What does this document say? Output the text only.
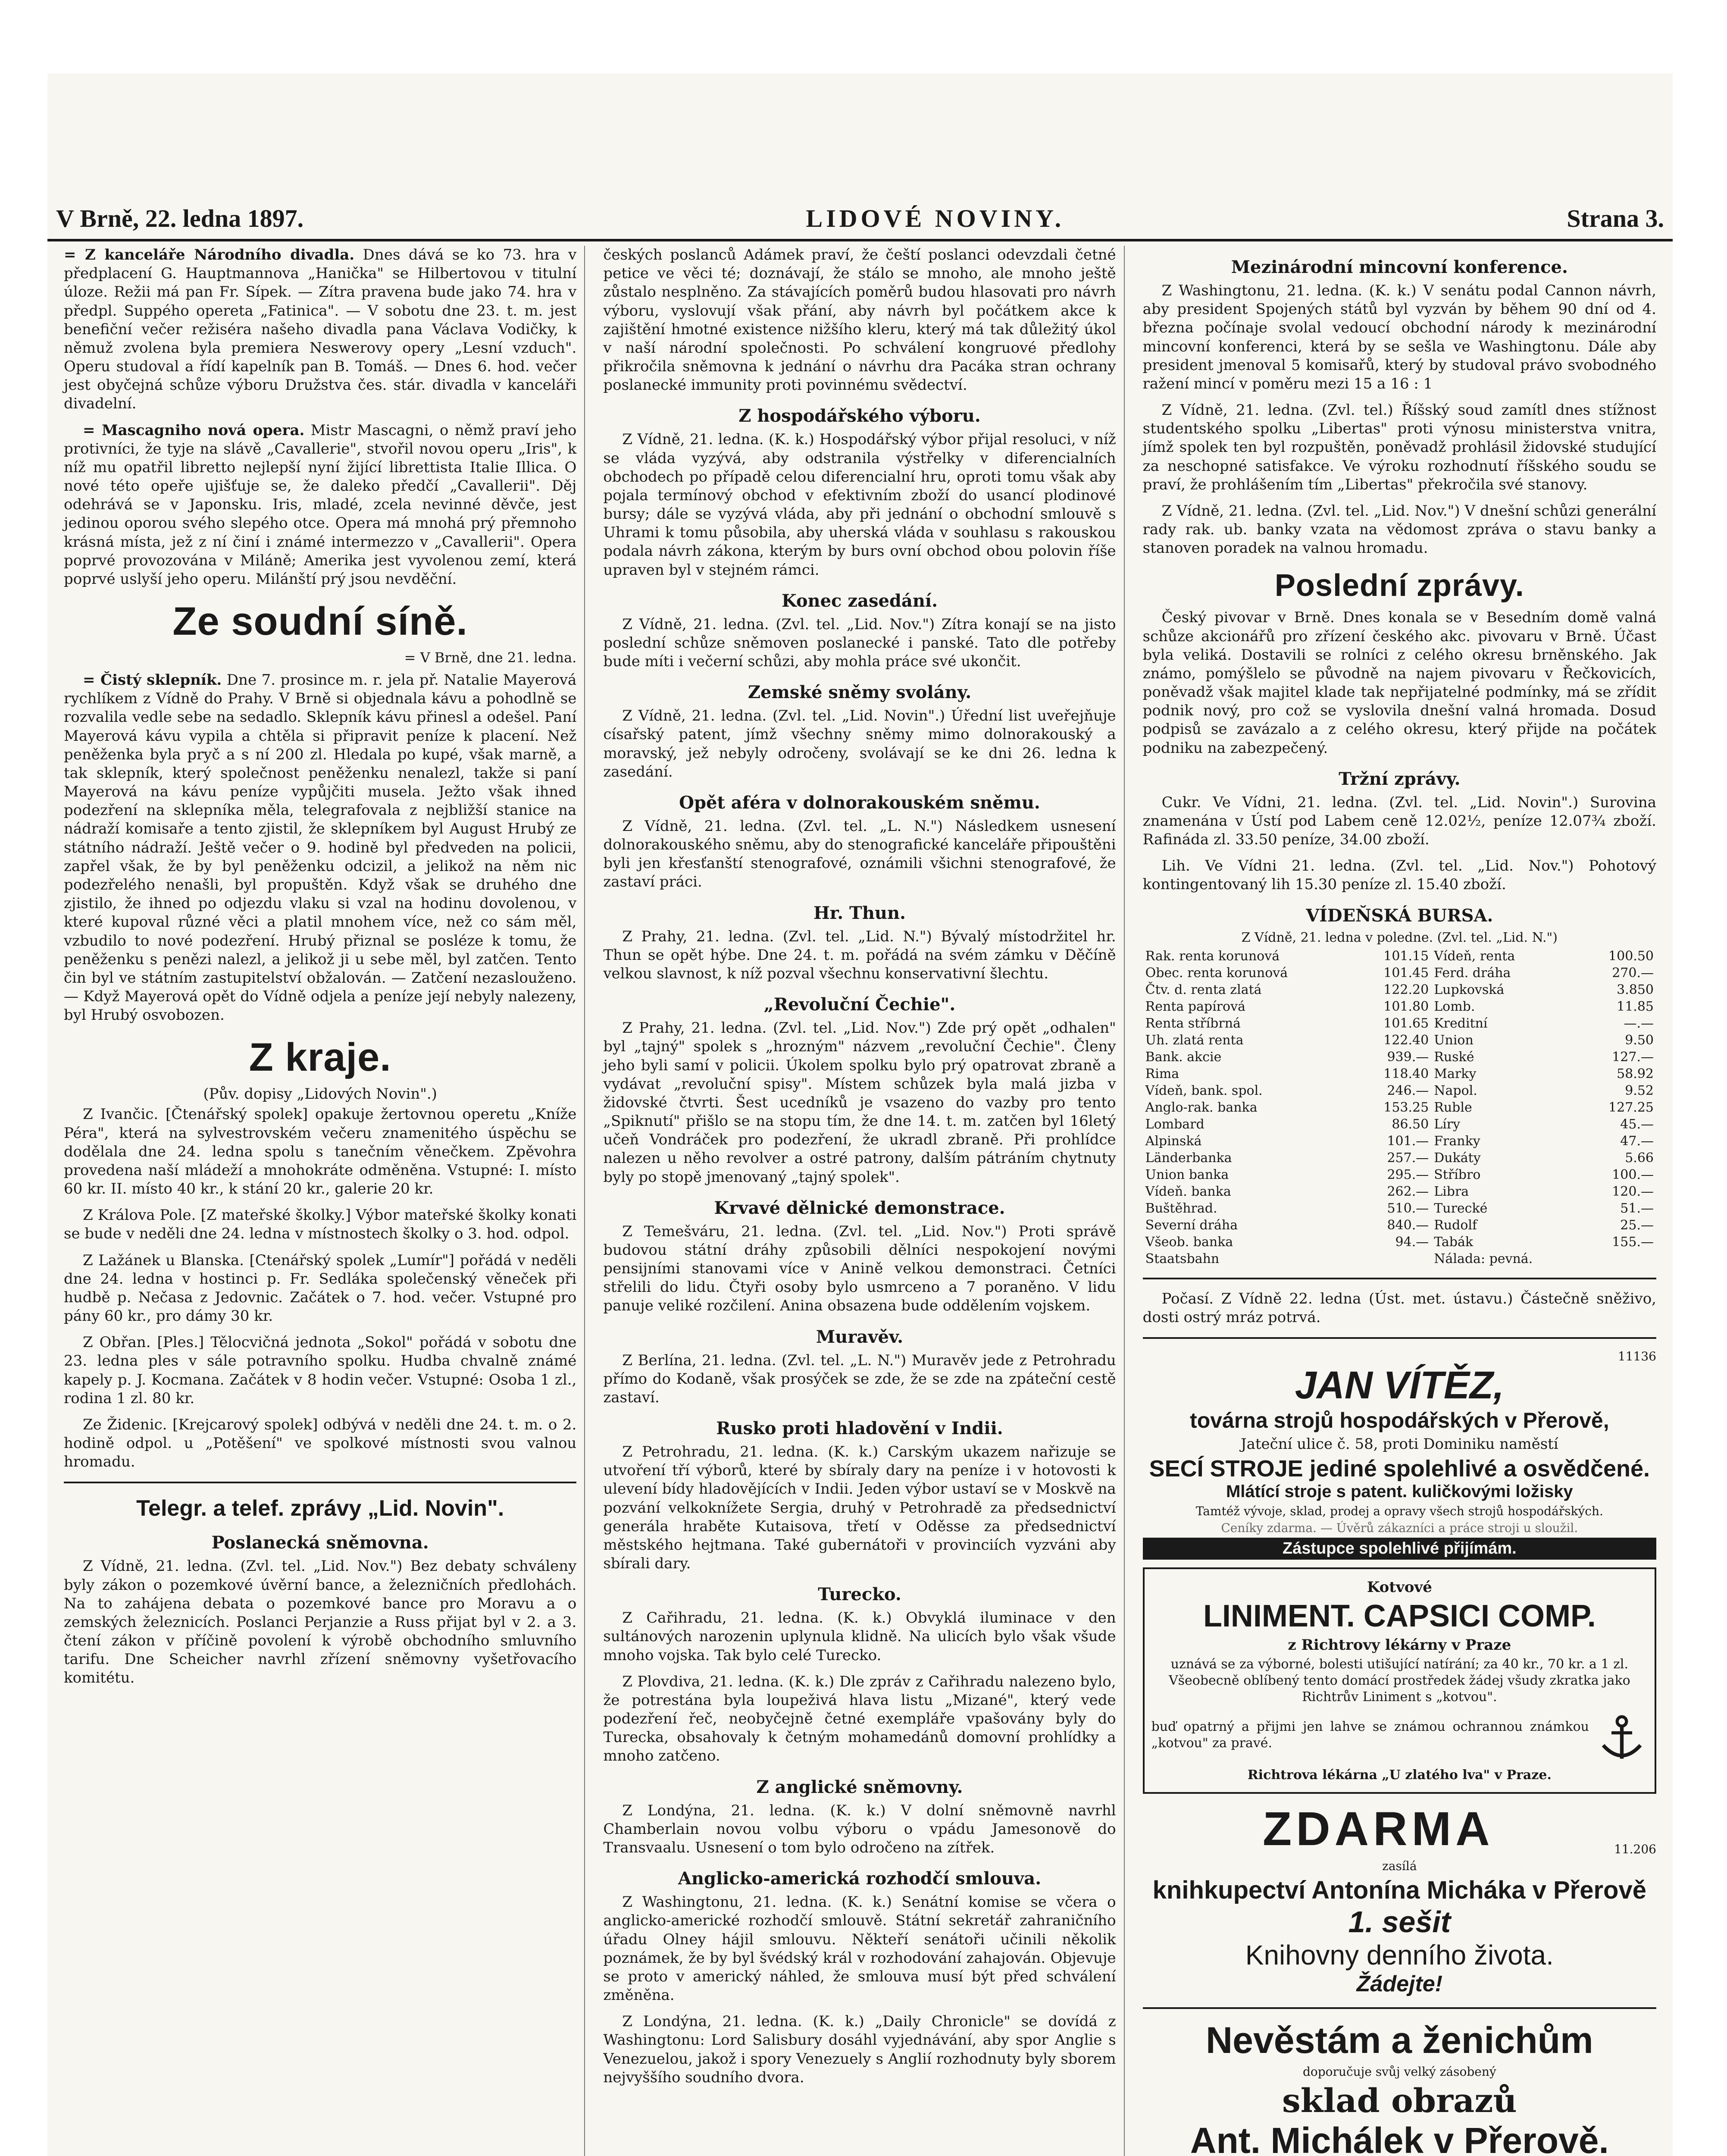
V Brně, 22. ledna 1897.	LIDOVÉ NOVINY.	Strana 3.

= Z kanceláře Národního divadla. Dnes dává se ko 73. hra v předplacení G. Hauptmannova „Hanička" se Hilbertovou v titulní úloze. Režii má pan Fr. Sípek. — Zítra pravena bude jako 74. hra v předpl. Suppého opereta „Fatinica". — V sobotu dne 23. t. m. jest benefiční večer režiséra našeho divadla pana Václava Vodičky, k němuž zvolena byla premiera Neswerovy opery „Lesní vzduch". Operu studoval a řídí kapelník pan B. Tomáš. — Dnes 6. hod. večer jest obyčejná schůze výboru Družstva čes. stár. divadla v kanceláři divadelní.

= Mascagniho nová opera. Mistr Mascagni, o němž praví jeho protivníci, že tyje na slávě „Cavallerie", stvořil novou operu „Iris", k níž mu opatřil libretto nejlepší nyní žijící librettista Italie Illica. O nové této opeře ujišťuje se, že daleko předčí „Cavallerii". Děj odehrává se v Japonsku. Iris, mladé, zcela nevinné děvče, jest jedinou oporou svého slepého otce. Opera má mnohá prý přemnoho krásná místa, jež z ní činí i známé intermezzo v „Cavallerii". Opera poprvé provozována v Miláně; Amerika jest vyvolenou zemí, která poprvé uslyší jeho operu. Milánští prý jsou nevděční.

Ze soudní síně.
= V Brně, dne 21. ledna.

= Čistý sklepník. Dne 7. prosince m. r. jela př. Natalie Mayerová rychlíkem z Vídně do Prahy. V Brně si objednala kávu a pohodlně se rozvalila vedle sebe na sedadlo. Sklepník kávu přinesl a odešel. Paní Mayerová kávu vypila a chtěla si připravit peníze k placení. Než peněženka byla pryč a s ní 200 zl. Hledala po kupé, však marně, a tak sklepník, který společnost peněženku nenalezl, takže si paní Mayerová na kávu peníze vypůjčiti musela. Ježto však ihned podezření na sklepníka měla, telegrafovala z nejbližší stanice na nádraží komisaře a tento zjistil, že sklepníkem byl August Hrubý ze státního nádraží. Ještě večer o 9. hodině byl předveden na policii, zapřel však, že by byl peněženku odcizil, a jelikož na něm nic podezřelého nenašli, byl propuštěn. Když však se druhého dne zjistilo, že ihned po odjezdu vlaku si vzal na hodinu dovolenou, v které kupoval různé věci a platil mnohem více, než co sám měl, vzbudilo to nové podezření. Hrubý přiznal se posléze k tomu, že peněženku s penězi nalezl, a jelikož ji u sebe měl, byl zatčen. Tento čin byl ve státním zastupitelství obžalován. — Zatčení nezaslouženo. — Když Mayerová opět do Vídně odjela a peníze její nebyly nalezeny, byl Hrubý osvobozen.

Z kraje.
(Pův. dopisy „Lidových Novin".)

Z Ivančic. [Čtenářský spolek] opakuje žertovnou operetu „Kníže Péra", která na sylvestrovském večeru znamenitého úspěchu se dodělala dne 24. ledna spolu s tanečním věnečkem. Zpěvohra provedena naší mládeží a mnohokráte odměněna. Vstupné: I. místo 60 kr. II. místo 40 kr., k stání 20 kr., galerie 20 kr.

Z Králova Pole. [Z mateřské školky.] Výbor mateřské školky konati se bude v neděli dne 24. ledna v místnostech školky o 3. hod. odpol.

Z Lažánek u Blanska. [Ctenářský spolek „Lumír"] pořádá v neděli dne 24. ledna v hostinci p. Fr. Sedláka společenský věneček při hudbě p. Nečasa z Jedovnic. Začátek o 7. hod. večer. Vstupné pro pány 60 kr., pro dámy 30 kr.

Z Obřan. [Ples.] Tělocvičná jednota „Sokol" pořádá v sobotu dne 23. ledna ples v sále potravního spolku. Hudba chvalně známé kapely p. J. Kocmana. Začátek v 8 hodin večer. Vstupné: Osoba 1 zl., rodina 1 zl. 80 kr.

Ze Židenic. [Krejcarový spolek] odbývá v neděli dne 24. t. m. o 2. hodině odpol. u „Potěšení" ve spolkové místnosti svou valnou hromadu.

Telegr. a telef. zprávy „Lid. Novin".
Poslanecká sněmovna.

Z Vídně, 21. ledna. (Zvl. tel. „Lid. Nov.") Bez debaty schváleny byly zákon o pozemkové úvěrní bance, a železničních předlohách. Na to zahájena debata o pozemkové bance pro Moravu a o zemských železnicích. Poslanci Perjanzie a Russ přijat byl v 2. a 3. čtení zákon v příčině povolení k výrobě obchodního smluvního tarifu. Dne Scheicher navrhl zřízení sněmovny vyšetřovacího komitétu.

českých poslanců Adámek praví, že čeští poslanci odevzdali četné petice ve věci té; doznávají, že stálo se mnoho, ale mnoho ještě zůstalo nesplněno. Za stávajících poměrů budou hlasovati pro návrh výboru, vyslovují však přání, aby návrh byl počátkem akce k zajištění hmotné existence nižšího kleru, který má tak důležitý úkol v naší národní společnosti. Po schválení kongruové předlohy přikročila sněmovna k jednání o návrhu dra Pacáka stran ochrany poslanecké immunity proti povinnému svědectví.

Z hospodářského výboru.

Z Vídně, 21. ledna. (K. k.) Hospodářský výbor přijal resoluci, v níž se vláda vyzývá, aby odstranila výstřelky v diferencialních obchodech po případě celou diferencialní hru, oproti tomu však aby pojala termínový obchod v efektivním zboží do usancí plodinové bursy; dále se vyzývá vláda, aby při jednání o obchodní smlouvě s Uhrami k tomu působila, aby uherská vláda v souhlasu s rakouskou podala návrh zákona, kterým by burs ovní obchod obou polovin říše upraven byl v stejném rámci.

Konec zasedání.

Z Vídně, 21. ledna. (Zvl. tel. „Lid. Nov.") Zítra konají se na jisto poslední schůze sněmoven poslanecké i panské. Tato dle potřeby bude míti i večerní schůzi, aby mohla práce své ukončit.

Zemské sněmy svolány.

Z Vídně, 21. ledna. (Zvl. tel. „Lid. Novin".) Úřední list uveřejňuje císařský patent, jímž všechny sněmy mimo dolnorakouský a moravský, jež nebyly odročeny, svolávají se ke dni 26. ledna k zasedání.

Opět aféra v dolnorakouském sněmu.

Z Vídně, 21. ledna. (Zvl. tel. „L. N.") Následkem usnesení dolnorakouského sněmu, aby do stenografické kanceláře připouštěni byli jen křesťanští stenografové, oznámili všichni stenografové, že zastaví práci.

Hr. Thun.

Z Prahy, 21. ledna. (Zvl. tel. „Lid. N.") Bývalý místodržitel hr. Thun se opět hýbe. Dne 24. t. m. pořádá na svém zámku v Děčíně velkou slavnost, k níž pozval všechnu konservativní šlechtu.

„Revoluční Čechie".

Z Prahy, 21. ledna. (Zvl. tel. „Lid. Nov.") Zde prý opět „odhalen" byl „tajný" spolek s „hrozným" názvem „revoluční Čechie". Členy jeho byli samí v policii. Úkolem spolku bylo prý opatrovat zbraně a vydávat „revoluční spisy". Místem schůzek byla malá jizba v židovské čtvrti. Šest ucedníků je vsazeno do vazby pro tento „Spiknutí" přišlo se na stopu tím, že dne 14. t. m. zatčen byl 16letý učeň Vondráček pro podezření, že ukradl zbraně. Při prohlídce nalezen u něho revolver a ostré patrony, dalším pátráním chytnuty byly po stopě jmenovaný „tajný spolek".

Krvavé dělnické demonstrace.

Z Temešváru, 21. ledna. (Zvl. tel. „Lid. Nov.") Proti správě budovou státní dráhy způsobili dělníci nespokojení novými pensijními stanovami více v Anině velkou demonstraci. Četníci střelili do lidu. Čtyři osoby bylo usmrceno a 7 poraněno. V lidu panuje veliké rozčilení. Anina obsazena bude oddělením vojskem.

Muravěv.

Z Berlína, 21. ledna. (Zvl. tel. „L. N.") Muravěv jede z Petrohradu přímo do Kodaně, však prosýček se zde, že se zde na zpáteční cestě zastaví.

Rusko proti hladovění v Indii.

Z Petrohradu, 21. ledna. (K. k.) Carským ukazem nařizuje se utvoření tří výborů, které by sbíraly dary na peníze i v hotovosti k ulevení bídy hladovějících v Indii. Jeden výbor ustaví se v Moskvě na pozvání velkoknížete Sergia, druhý v Petrohradě za předsednictví generála hraběte Kutaisova, třetí v Oděsse za předsednictví městského hejtmana. Také gubernátoři v provinciích vyzváni aby sbírali dary.

Turecko.

Z Cařihradu, 21. ledna. (K. k.) Obvyklá iluminace v den sultánových narozenin uplynula klidně. Na ulicích bylo však všude mnoho vojska. Tak bylo celé Turecko.

Z Plovdiva, 21. ledna. (K. k.) Dle zpráv z Cařihradu nalezeno bylo, že potrestána byla loupeživá hlava listu „Mizané", který vede podezření řeč, neobyčejně četné exempláře vpašovány byly do Turecka, obsahovaly k četným mohamedánů domovní prohlídky a mnoho zatčeno.

Z anglické sněmovny.

Z Londýna, 21. ledna. (K. k.) V dolní sněmovně navrhl Chamberlain novou volbu výboru o vpádu Jamesonově do Transvaalu. Usnesení o tom bylo odročeno na zítřek.

Anglicko-americká rozhodčí smlouva.

Z Washingtonu, 21. ledna. (K. k.) Senátní komise se včera o anglicko-americké rozhodčí smlouvě. Státní sekretář zahraničního úřadu Olney hájil smlouvu. Někteří senátoři učinili několik poznámek, že by byl švédský král v rozhodování zahajován. Objevuje se proto v americký náhled, že smlouva musí být před schválení změněna.

Z Londýna, 21. ledna. (K. k.) „Daily Chronicle" se dovídá z Washingtonu: Lord Salisbury dosáhl vyjednávání, aby spor Anglie s Venezuelou, jakož i spory Venezuely s Anglií rozhodnuty byly sborem nejvyššího soudního dvora.

Mezinárodní mincovní konference.

Z Washingtonu, 21. ledna. (K. k.) V senátu podal Cannon návrh, aby president Spojených států byl vyzván by během 90 dní od 4. března počínaje svolal vedoucí obchodní národy k mezinárodní mincovní konferenci, která by se sešla ve Washingtonu. Dále aby president jmenoval 5 komisařů, který by studoval právo svobodného ražení mincí v poměru mezi 15 a 16 : 1

Z Vídně, 21. ledna. (Zvl. tel.) Říšský soud zamítl dnes stížnost studentského spolku „Libertas" proti výnosu ministerstva vnitra, jímž spolek ten byl rozpuštěn, poněvadž prohlásil židovské studující za neschopné satisfakce. Ve výroku rozhodnutí říšského soudu se praví, že prohlášením tím „Libertas" překročila své stanovy.

Z Vídně, 21. ledna. (Zvl. tel. „Lid. Nov.") V dnešní schůzi generální rady rak. ub. banky vzata na vědomost zpráva o stavu banky a stanoven poradek na valnou hromadu.

Poslední zprávy.

Český pivovar v Brně. Dnes konala se v Besedním domě valná schůze akcionářů pro zřízení českého akc. pivovaru v Brně. Účast byla veliká. Dostavili se rolníci z celého okresu brněnského. Jak známo, pomýšlelo se původně na najem pivovaru v Řečkovicích, poněvadž však majitel klade tak nepřijatelné podmínky, má se zřídit podnik nový, pro což se vyslovila dnešní valná hromada. Dosud podpisů se zavázalo a z celého okresu, který přijde na počátek podniku na zabezpečený.

Tržní zprávy.

Cukr. Ve Vídni, 21. ledna. (Zvl. tel. „Lid. Novin".) Surovina znamenána v Ústí pod Labem ceně 12.02½, peníze 12.07¾ zboží. Rafináda zl. 33.50 peníze, 34.00 zboží.

Lih. Ve Vídni 21. ledna. (Zvl. tel. „Lid. Nov.") Pohotový kontingentovaný lih 15.30 peníze zl. 15.40 zboží.

VÍDEŇSKÁ BURSA.
Z Vídně, 21. ledna v poledne. (Zvl. tel. „Lid. N.")
Rak. renta korunová	101.15	Vídeň, renta	100.50
Obec. renta korunová	101.45	Ferd. dráha	270.—
Čtv. d. renta zlatá	122.20	Lupkovská	3.850
Renta papírová	101.80	Lomb.	11.85
Renta stříbrná	101.65	Kreditní	—.—
Uh. zlatá renta	122.40	Union	9.50
Bank. akcie	939.—	Ruské	127.—
Rima	118.40	Marky	58.92
Vídeň, bank. spol.	246.—	Napol.	9.52
Anglo-rak. banka	153.25	Ruble	127.25
Lombard	86.50	Líry	45.—
Alpinská	101.—	Franky	47.—
Länderbanka	257.—	Dukáty	5.66
Union banka	295.—	Stříbro	100.—
Vídeň. banka	262.—	Libra	120.—
Buštěhrad.	510.—	Turecké	51.—
Severní dráha	840.—	Rudolf	25.—
Všeob. banka	94.—	Tabák	155.—
Staatsbahn		Nálada: pevná.	

Počasí. Z Vídně 22. ledna (Úst. met. ústavu.) Částečně sněživo, dosti ostrý mráz potrvá.

11136
JAN VÍTĚZ,
továrna strojů hospodářských v Přerově,
Jateční ulice č. 58, proti Dominiku naměstí
SECÍ STROJE jediné spolehlivé a osvědčené.
Mlátící stroje s patent. kuličkovými ložisky
Tamtéž vývoje, sklad, prodej a opravy všech strojů hospodářských.
Ceníky zdarma. — Úvěrů zákazníci a práce stroji u sloužil.
Zástupce spolehlivé přijímám.
Kotvové
LINIMENT. CAPSICI COMP.
z Richtrovy lékárny v Praze

uznává se za výborné, bolesti utišující natírání; za 40 kr., 70 kr. a 1 zl. Všeobecně oblíbený tento domácí prostředek žádej všudy zkratka jako Richtrův Liniment s „kotvou".

buď opatrný a přijmi jen lahve se známou ochrannou známkou „kotvou" za pravé.

Richtrova lékárna „U zlatého lva" v Praze.
ZDARMA	11.206
zasílá
knihkupectví Antonína Micháka v Přerově
1. sešit
Knihovny denního života.
Žádejte!
Nevěstám a ženichům
doporučuje svůj velký zásobený
sklad obrazů
Ant. Michálek v Přerově.
